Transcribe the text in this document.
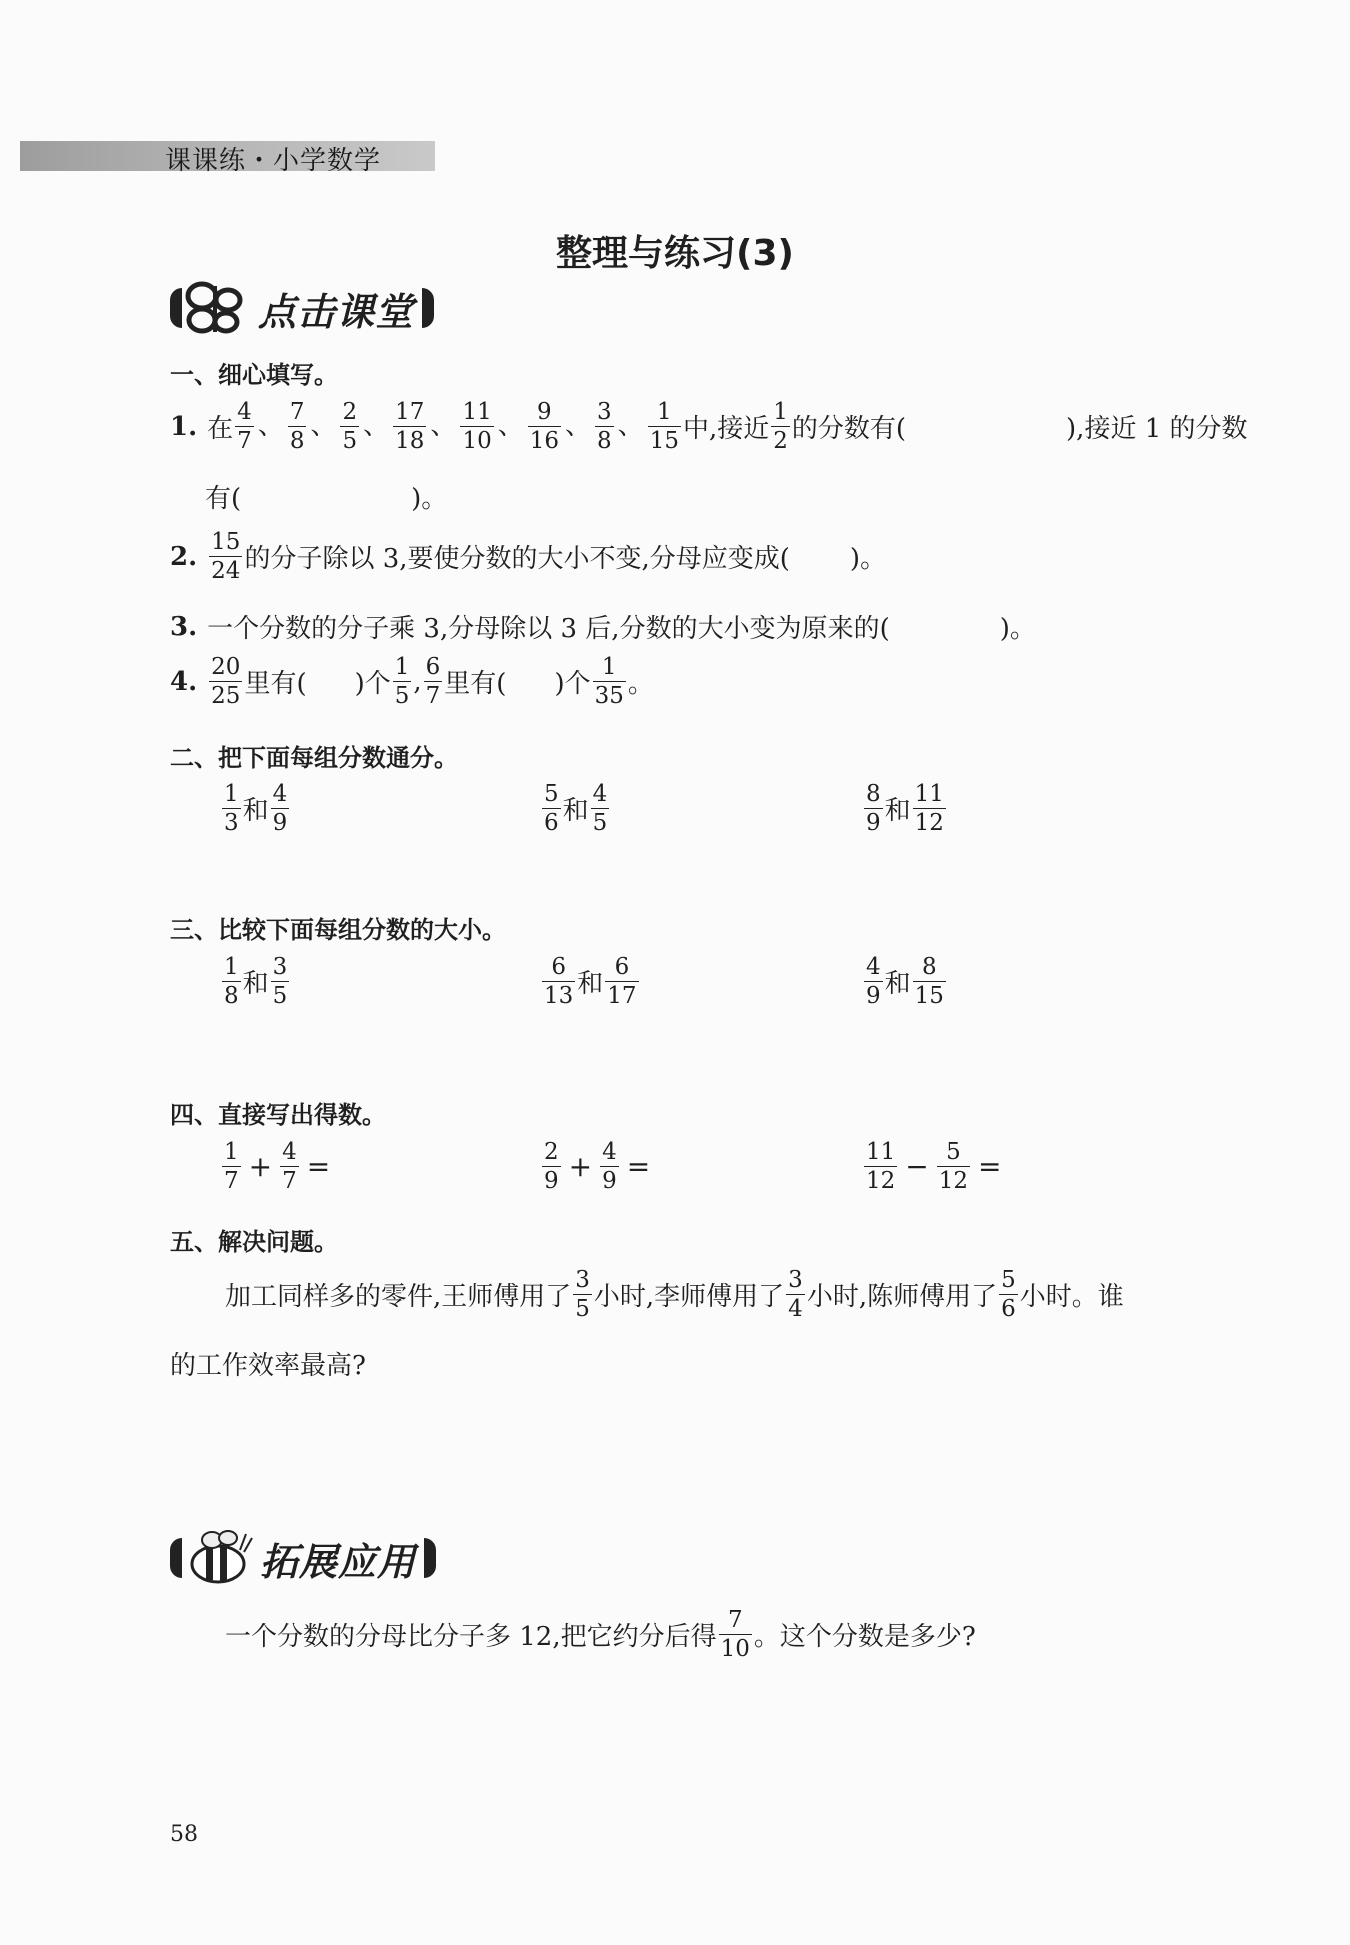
课课练・小学数学
整理与练习(3)
点击课堂
一、细心填写。
1. 在 $\frac{4}{7}$ 、 $\frac{7}{8}$ 、 $\frac{2}{5}$ 、 $\frac{17}{18}$ 、 $\frac{11}{10}$ 、 $\frac{9}{16}$ 、 $\frac{3}{8}$ 、 $\frac{1}{15}$ 中,接近 $\frac{1}{2}$ 的分数有(	),接近 1 的分数
有(	)。
2. $\frac{15}{24}$ 的分子除以 3,要使分数的大小不变,分母应变成( )。
3. 一个分数的分子乘 3,分母除以 3 后,分数的大小变为原来的(	)。
4. $\frac{20}{25}$ 里有( )个 $\frac{1}{5}$ , $\frac{6}{7}$ 里有( )个 $\frac{1}{35}$ 。
二、把下面每组分数通分。
$\frac{1}{3}$ 和 $\frac{4}{9}$	$\frac{5}{6}$ 和 $\frac{4}{5}$	$\frac{8}{9}$ 和 $\frac{11}{12}$
三、比较下面每组分数的大小。
$\frac{1}{8}$ 和 $\frac{3}{5}$	$\frac{6}{13}$ 和 $\frac{6}{17}$	$\frac{4}{9}$ 和 $\frac{8}{15}$
四、直接写出得数。
$\frac{1}{7} + \frac{4}{7}$ =	$\frac{2}{9} + \frac{4}{9}$ =	$\frac{11}{12} - \frac{5}{12}$ =
五、解决问题。
加工同样多的零件,王师傅用了 $\frac{3}{5}$ 小时,李师傅用了 $\frac{3}{4}$ 小时,陈师傅用了 $\frac{5}{6}$ 小时。谁
的工作效率最高?
拓展应用
一个分数的分母比分子多 12,把它约分后得 $\frac{7}{10}$ 。这个分数是多少?
58
